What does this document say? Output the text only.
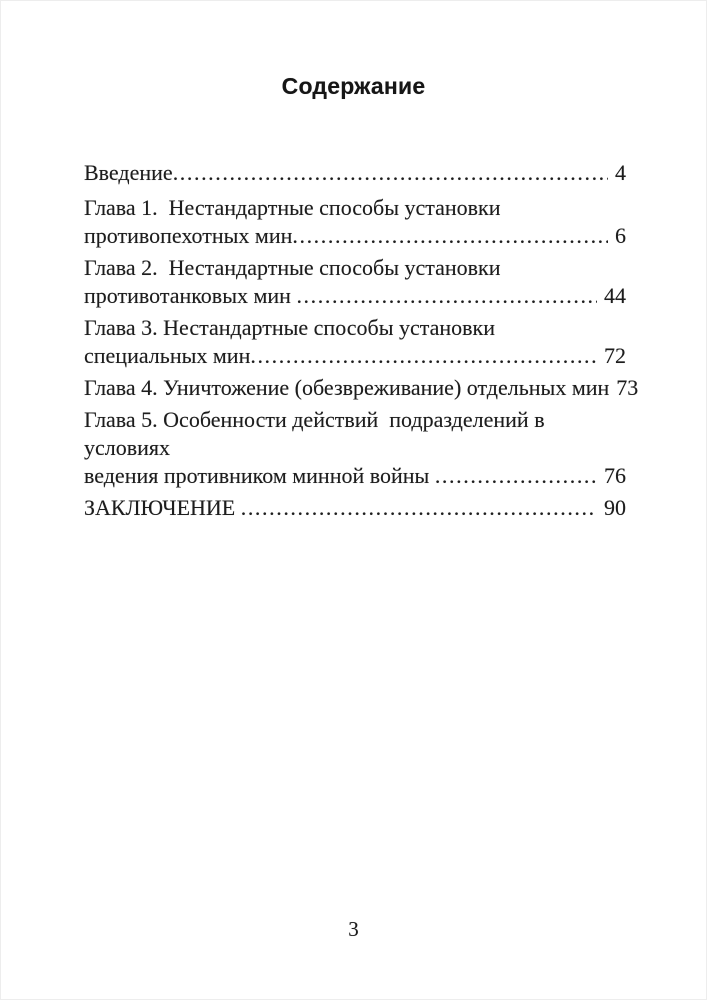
Содержание
Введение .....	4
Глава 1.  Нестандартные способы установки
противопехотных мин .....	6
Глава 2.  Нестандартные способы установки
противотанковых мин .....	44
Глава 3. Нестандартные способы установки
специальных мин .....	72
Глава 4. Уничтожение (обезвреживание) отдельных мин 73
Глава 5. Особенности действий  подразделений в условиях
ведения противником минной войны .....	76
ЗАКЛЮЧЕНИЕ .....	90
3
